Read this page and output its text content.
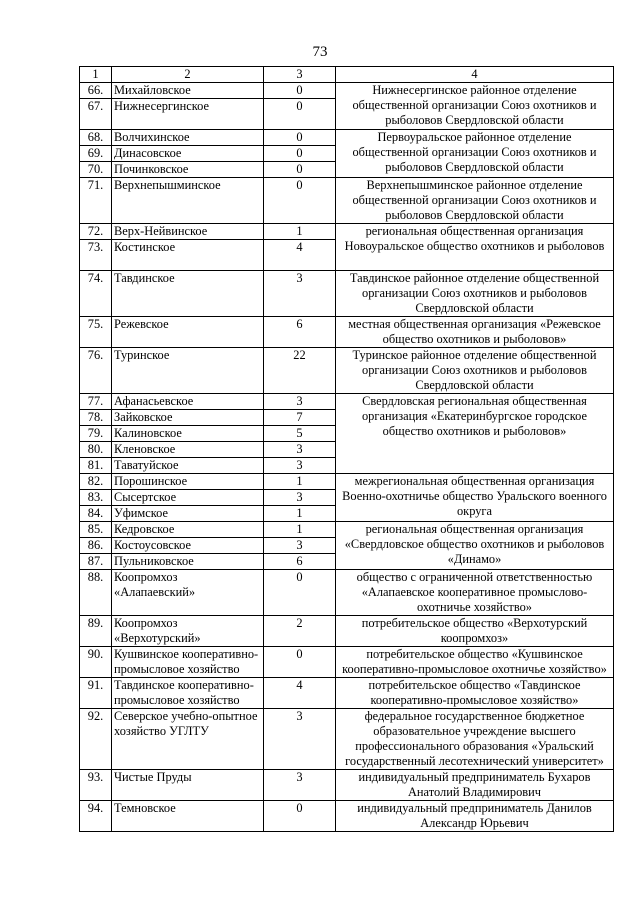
73
1	2	3	4
66.	Михайловское	0	Нижнесергинское районное отделение общественной организации Союз охотников и рыболовов Свердловской области
67.	Нижнесергинское	0	
68.	Волчихинское	0	Первоуральское районное отделение общественной организации Союз охотников и рыболовов Свердловской области
69.	Динасовское	0	
70.	Починковское	0	
71.	Верхнепышминское	0	Верхнепышминское районное отделение общественной организации Союз охотников и рыболовов Свердловской области
72.	Верх-Нейвинское	1	региональная общественная организация Новоуральское общество охотников и рыболовов
73.	Костинское	4	
74.	Тавдинское	3	Тавдинское районное отделение общественной организации Союз охотников и рыболовов Свердловской области
75.	Режевское	6	местная общественная организация «Режевское общество охотников и рыболовов»
76.	Туринское	22	Туринское районное отделение общественной организации Союз охотников и рыболовов Свердловской области
77.	Афанасьевское	3	Свердловская региональная общественная организация «Екатеринбургское городское общество охотников и рыболовов»
78.	Зайковское	7	
79.	Калиновское	5	
80.	Кленовское	3	
81.	Таватуйское	3	
82.	Порошинское	1	межрегиональная общественная организация Военно-охотничье общество Уральского военного округа
83.	Сысертское	3	
84.	Уфимское	1	
85.	Кедровское	1	региональная общественная организация «Свердловское общество охотников и рыболовов «Динамо»
86.	Костоусовское	3	
87.	Пульниковское	6	
88.	Коопромхоз «Алапаевский»	0	общество с ограниченной ответственностью «Алапаевское кооперативное промыслово-охотничье хозяйство»
89.	Коопромхоз «Верхотурский»	2	потребительское общество «Верхотурский коопромхоз»
90.	Кушвинское кооперативно-промысловое хозяйство	0	потребительское общество «Кушвинское кооперативно-промысловое охотничье хозяйство»
91.	Тавдинское кооперативно-промысловое хозяйство	4	потребительское общество «Тавдинское кооперативно-промысловое хозяйство»
92.	Северское учебно-опытное хозяйство УГЛТУ	3	федеральное государственное бюджетное образовательное учреждение высшего профессионального образования «Уральский государственный лесотехнический университет»
93.	Чистые Пруды	3	индивидуальный предприниматель Бухаров Анатолий Владимирович
94.	Темновское	0	индивидуальный предприниматель Данилов Александр Юрьевич
